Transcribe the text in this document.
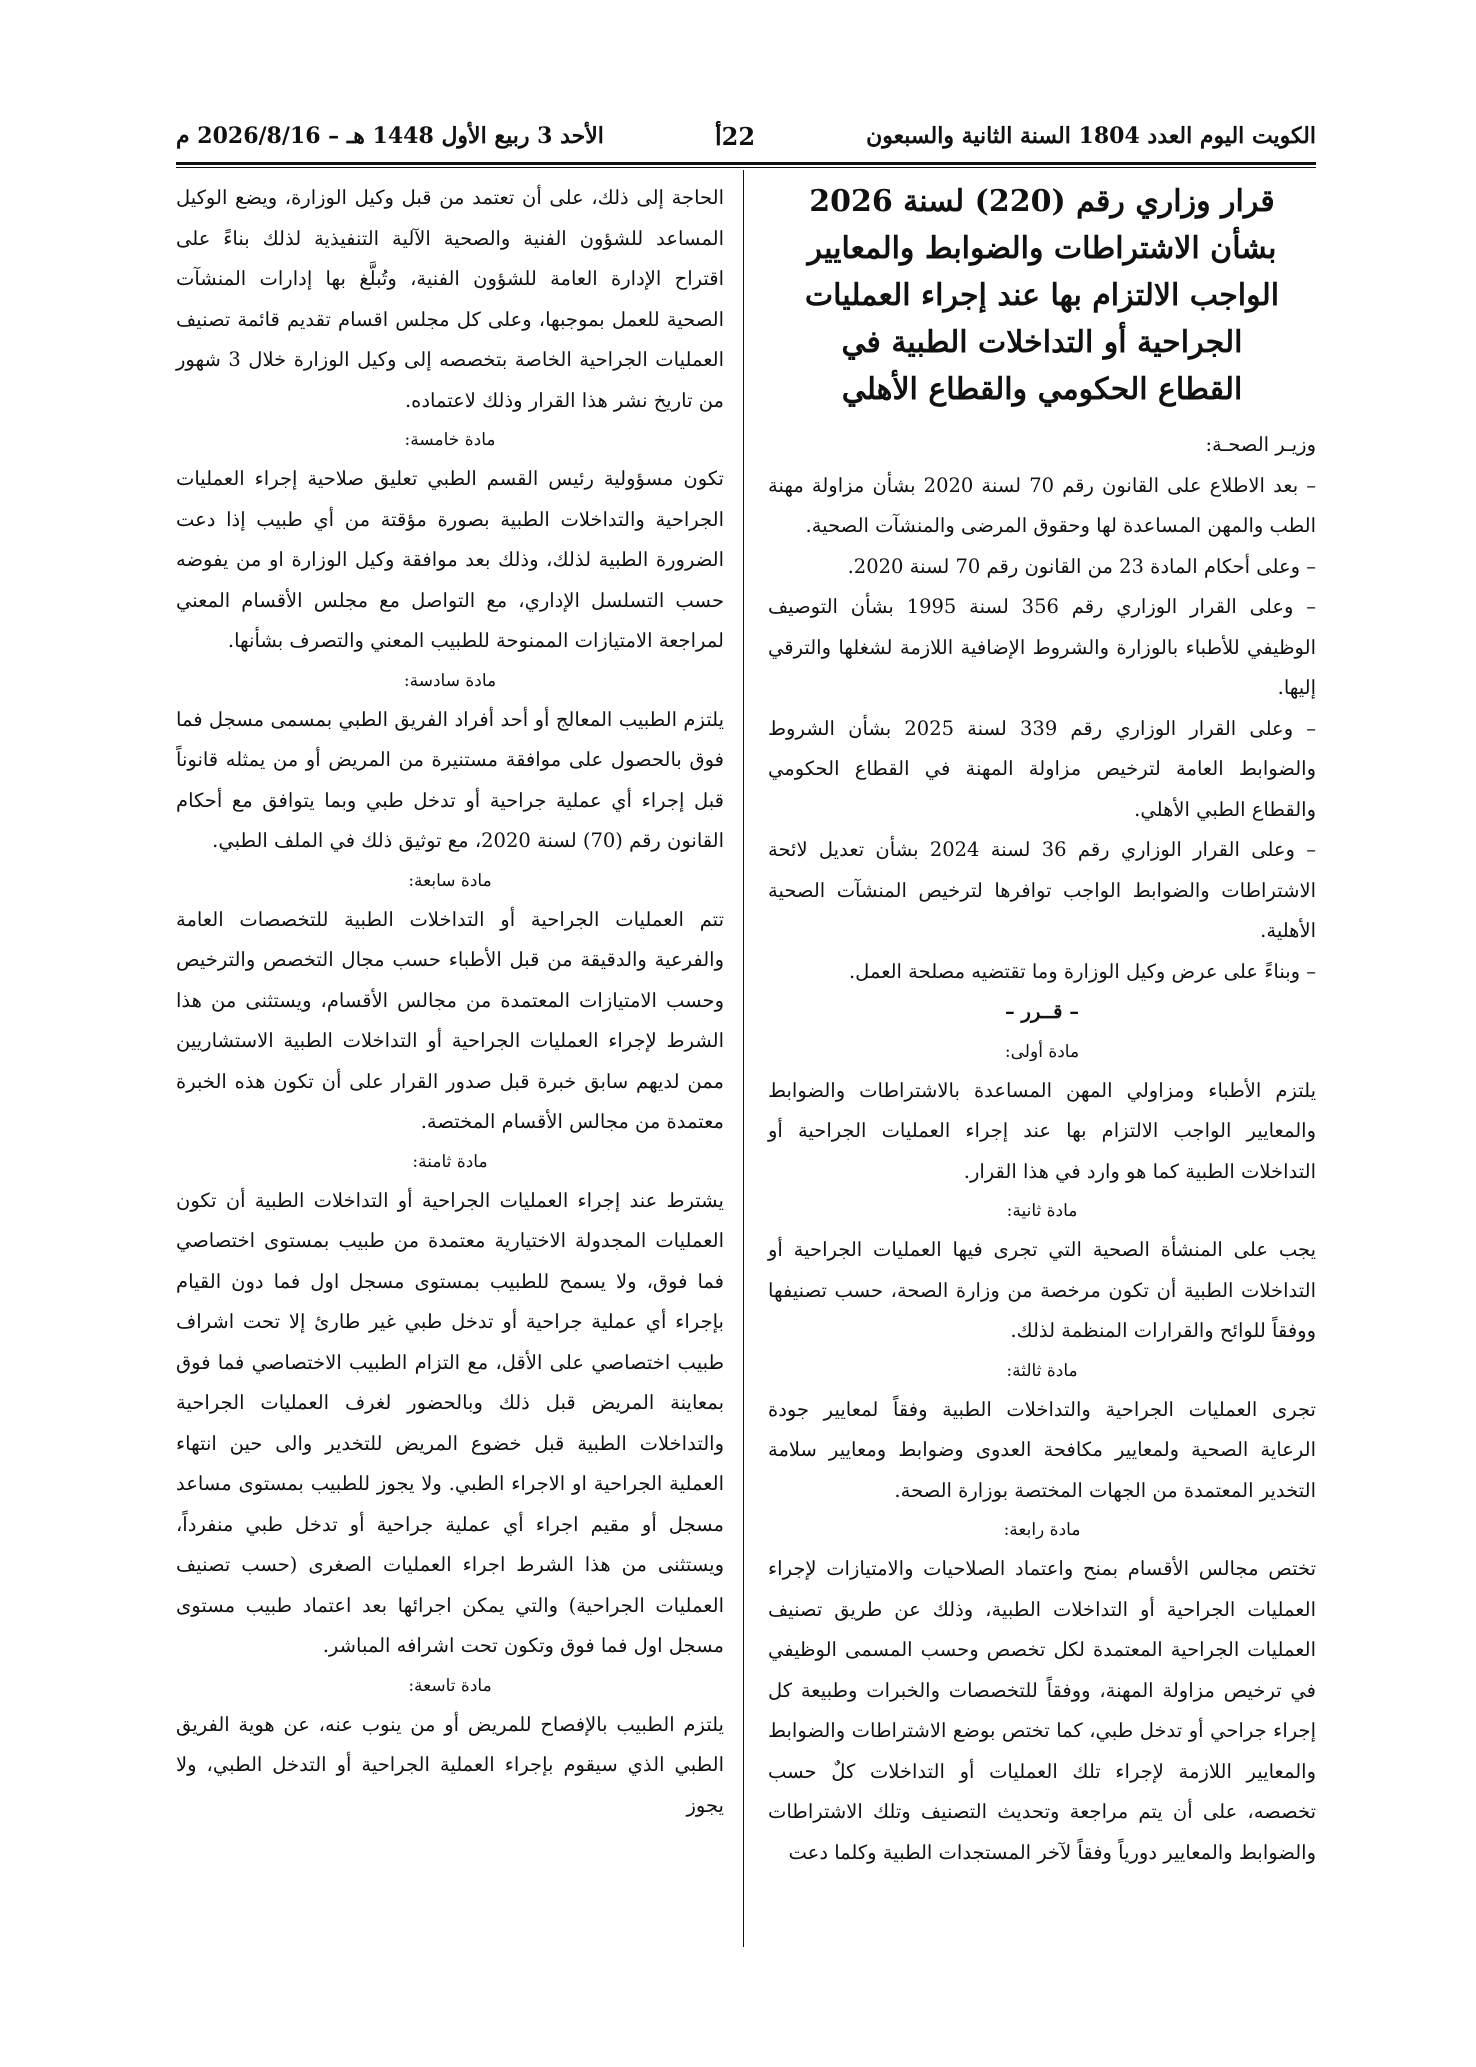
الكويت اليوم العدد 1804 السنة الثانية والسبعون
22أ
الأحد 3 ربيع الأول 1448 هـ – 2026/8/16 م
قرار وزاري رقم (220) لسنة 2026
بشأن الاشتراطات والضوابط والمعايير
الواجب الالتزام بها عند إجراء العمليات
الجراحية أو التداخلات الطبية في
القطاع الحكومي والقطاع الأهلي

وزيـر الصحـة:

– بعد الاطلاع على القانون رقم 70 لسنة 2020 بشأن مزاولة مهنة الطب والمهن المساعدة لها وحقوق المرضى والمنشآت الصحية.

– وعلى أحكام المادة 23 من القانون رقم 70 لسنة 2020.

– وعلى القرار الوزاري رقم 356 لسنة 1995 بشأن التوصيف الوظيفي للأطباء بالوزارة والشروط الإضافية اللازمة لشغلها والترقي إليها.

– وعلى القرار الوزاري رقم 339 لسنة 2025 بشأن الشروط والضوابط العامة لترخيص مزاولة المهنة في القطاع الحكومي والقطاع الطبي الأهلي.

– وعلى القرار الوزاري رقم 36 لسنة 2024 بشأن تعديل لائحة الاشتراطات والضوابط الواجب توافرها لترخيص المنشآت الصحية الأهلية.

– وبناءً على عرض وكيل الوزارة وما تقتضيه مصلحة العمل.

– قــرر –

مادة أولى:

يلتزم الأطباء ومزاولي المهن المساعدة بالاشتراطات والضوابط والمعايير الواجب الالتزام بها عند إجراء العمليات الجراحية أو التداخلات الطبية كما هو وارد في هذا القرار.

مادة ثانية:

يجب على المنشأة الصحية التي تجرى فيها العمليات الجراحية أو التداخلات الطبية أن تكون مرخصة من وزارة الصحة، حسب تصنيفها ووفقاً للوائح والقرارات المنظمة لذلك.

مادة ثالثة:

تجرى العمليات الجراحية والتداخلات الطبية وفقاً لمعايير جودة الرعاية الصحية ولمعايير مكافحة العدوى وضوابط ومعايير سلامة التخدير المعتمدة من الجهات المختصة بوزارة الصحة.

مادة رابعة:

تختص مجالس الأقسام بمنح واعتماد الصلاحيات والامتيازات لإجراء العمليات الجراحية أو التداخلات الطبية، وذلك عن طريق تصنيف العمليات الجراحية المعتمدة لكل تخصص وحسب المسمى الوظيفي في ترخيص مزاولة المهنة، ووفقاً للتخصصات والخبرات وطبيعة كل إجراء جراحي أو تدخل طبي، كما تختص بوضع الاشتراطات والضوابط والمعايير اللازمة لإجراء تلك العمليات أو التداخلات كلٌ حسب تخصصه، على أن يتم مراجعة وتحديث التصنيف وتلك الاشتراطات والضوابط والمعايير دورياً وفقاً لآخر المستجدات الطبية وكلما دعت

الحاجة إلى ذلك، على أن تعتمد من قبل وكيل الوزارة، ويضع الوكيل المساعد للشؤون الفنية والصحية الآلية التنفيذية لذلك بناءً على اقتراح الإدارة العامة للشؤون الفنية، وتُبلَّغ بها إدارات المنشآت الصحية للعمل بموجبها، وعلى كل مجلس اقسام تقديم قائمة تصنيف العمليات الجراحية الخاصة بتخصصه إلى وكيل الوزارة خلال 3 شهور من تاريخ نشر هذا القرار وذلك لاعتماده.

مادة خامسة:

تكون مسؤولية رئيس القسم الطبي تعليق صلاحية إجراء العمليات الجراحية والتداخلات الطبية بصورة مؤقتة من أي طبيب إذا دعت الضرورة الطبية لذلك، وذلك بعد موافقة وكيل الوزارة او من يفوضه حسب التسلسل الإداري، مع التواصل مع مجلس الأقسام المعني لمراجعة الامتيازات الممنوحة للطبيب المعني والتصرف بشأنها.

مادة سادسة:

يلتزم الطبيب المعالج أو أحد أفراد الفريق الطبي بمسمى مسجل فما فوق بالحصول على موافقة مستنيرة من المريض أو من يمثله قانوناً قبل إجراء أي عملية جراحية أو تدخل طبي وبما يتوافق مع أحكام القانون رقم (70) لسنة 2020، مع توثيق ذلك في الملف الطبي.

مادة سابعة:

تتم العمليات الجراحية أو التداخلات الطبية للتخصصات العامة والفرعية والدقيقة من قبل الأطباء حسب مجال التخصص والترخيص وحسب الامتيازات المعتمدة من مجالس الأقسام، ويستثنى من هذا الشرط لإجراء العمليات الجراحية أو التداخلات الطبية الاستشاريين ممن لديهم سابق خبرة قبل صدور القرار على أن تكون هذه الخبرة معتمدة من مجالس الأقسام المختصة.

مادة ثامنة:

يشترط عند إجراء العمليات الجراحية أو التداخلات الطبية أن تكون العمليات المجدولة الاختيارية معتمدة من طبيب بمستوى اختصاصي فما فوق، ولا يسمح للطبيب بمستوى مسجل اول فما دون القيام بإجراء أي عملية جراحية أو تدخل طبي غير طارئ إلا تحت اشراف طبيب اختصاصي على الأقل، مع التزام الطبيب الاختصاصي فما فوق بمعاينة المريض قبل ذلك وبالحضور لغرف العمليات الجراحية والتداخلات الطبية قبل خضوع المريض للتخدير والى حين انتهاء العملية الجراحية او الاجراء الطبي. ولا يجوز للطبيب بمستوى مساعد مسجل أو مقيم اجراء أي عملية جراحية أو تدخل طبي منفرداً، ويستثنى من هذا الشرط اجراء العمليات الصغرى (حسب تصنيف العمليات الجراحية) والتي يمكن اجرائها بعد اعتماد طبيب مستوى مسجل اول فما فوق وتكون تحت اشرافه المباشر.

مادة تاسعة:

يلتزم الطبيب بالإفصاح للمريض أو من ينوب عنه، عن هوية الفريق الطبي الذي سيقوم بإجراء العملية الجراحية أو التدخل الطبي، ولا يجوز
